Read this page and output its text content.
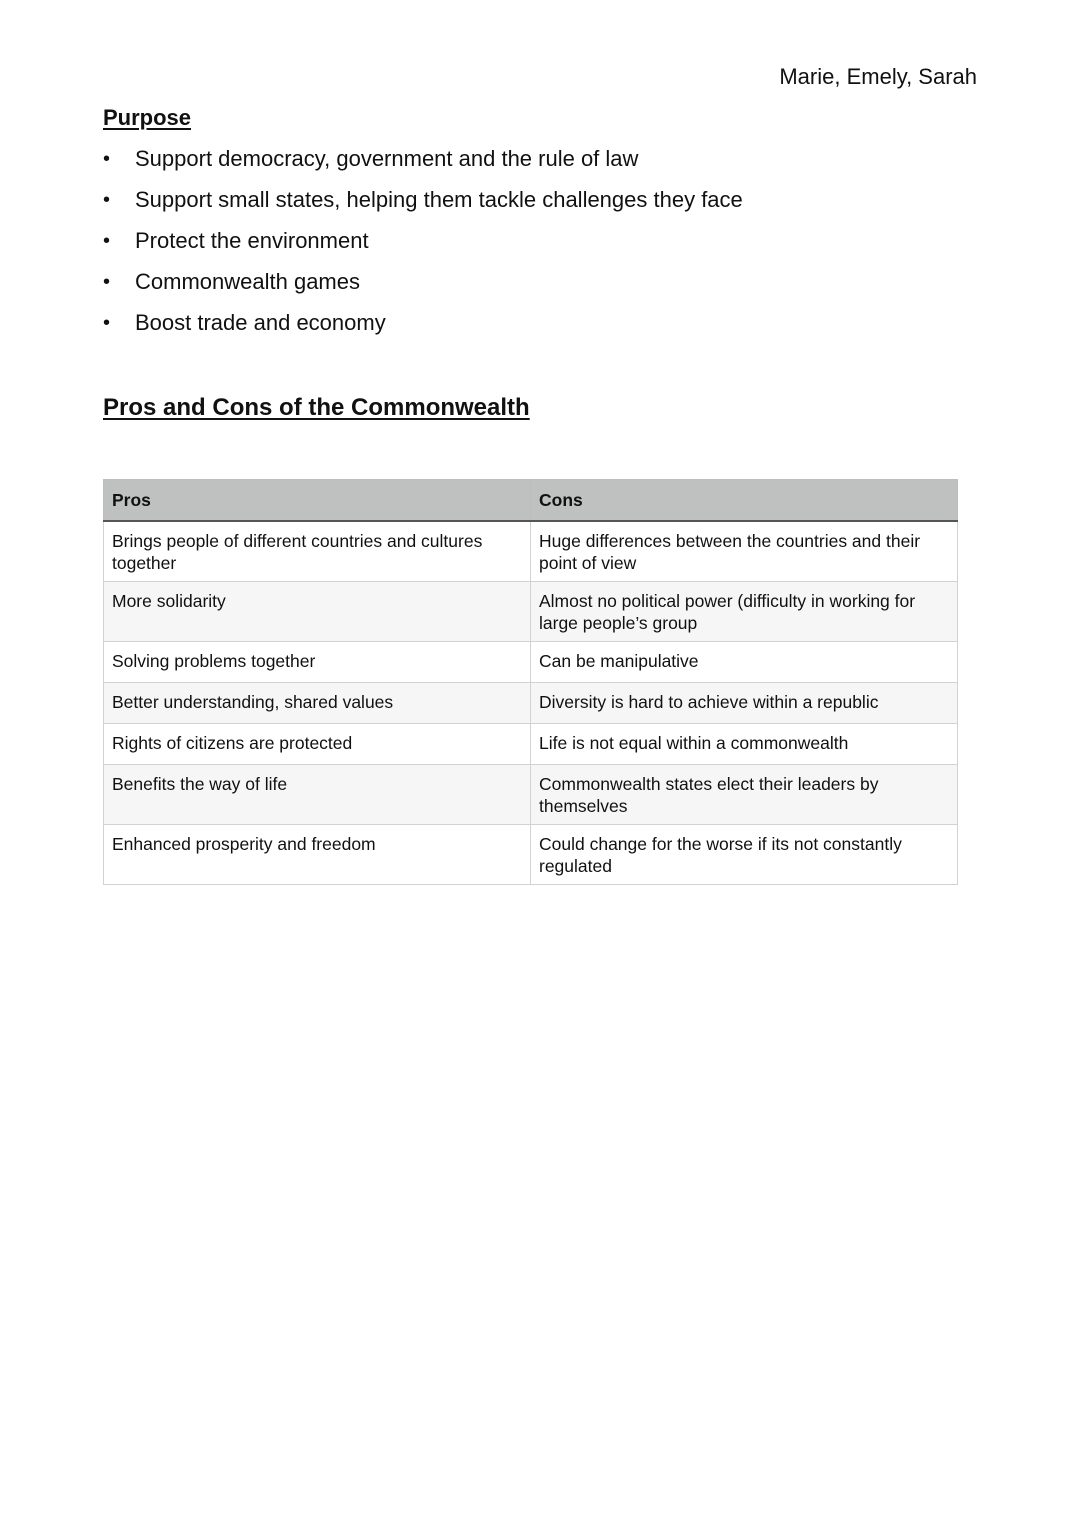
Marie, Emely, Sarah
Purpose
•	Support democracy, government and the rule of law
•	Support small states, helping them tackle challenges they face
•	Protect the environment
•	Commonwealth games
•	Boost trade and economy
Pros and Cons of the Commonwealth
Pros	Cons
Brings people of different countries and cultures together	Huge differences between the countries and their point of view
More solidarity	Almost no political power (difficulty in working for large people’s group
Solving problems together	Can be manipulative
Better understanding, shared values	Diversity is hard to achieve within a republic
Rights of citizens are protected	Life is not equal within a commonwealth
Benefits the way of life	Commonwealth states elect their leaders by themselves
Enhanced prosperity and freedom	Could change for the worse if its not constantly regulated
